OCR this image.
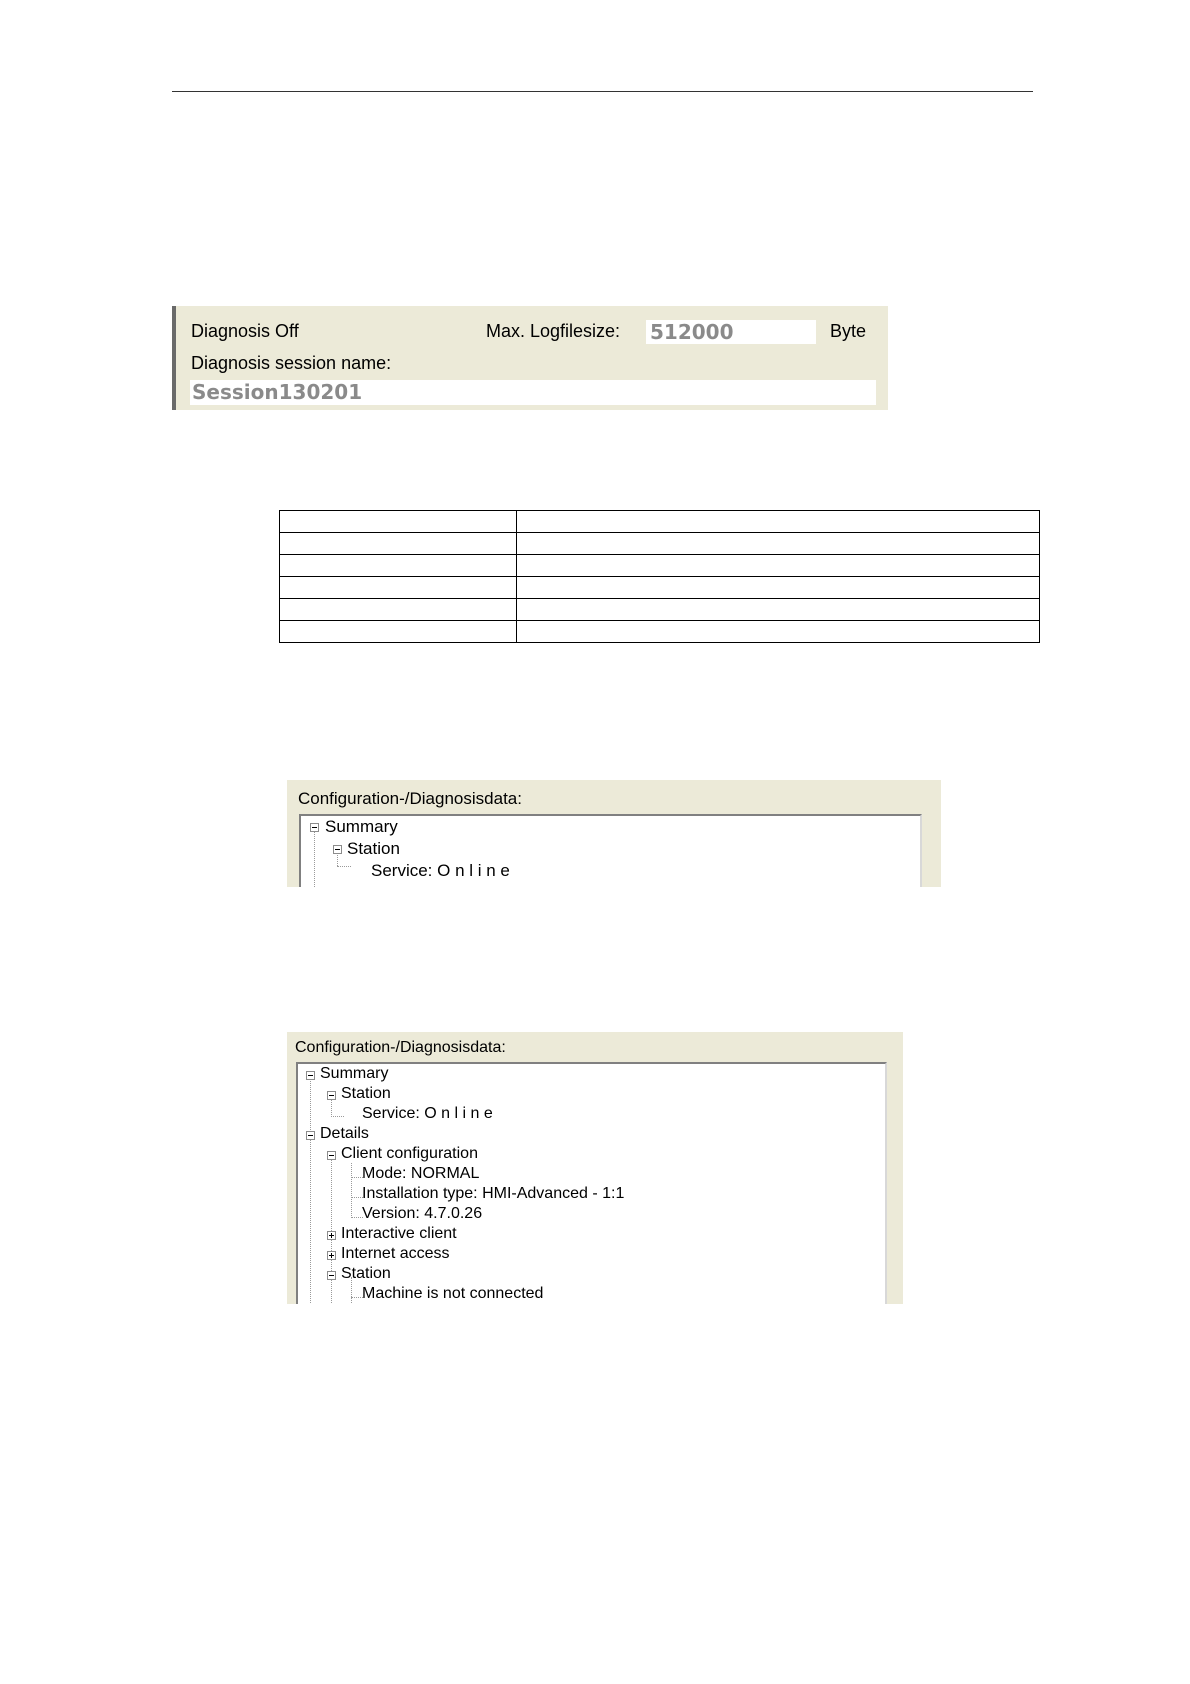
Diagnosis Off	Max. Logfilesize: 512000	Byte
Diagnosis session name:
Session130201

Configuration-/Diagnosisdata:
Summary
Station
Service: O n l i n e
Configuration-/Diagnosisdata:
Summary
Station
Service: O n l i n e
Details
Client configuration
Mode: NORMAL
Installation type: HMI-Advanced - 1:1
Version: 4.7.0.26
Interactive client
Internet access
Station
Machine is not connected
